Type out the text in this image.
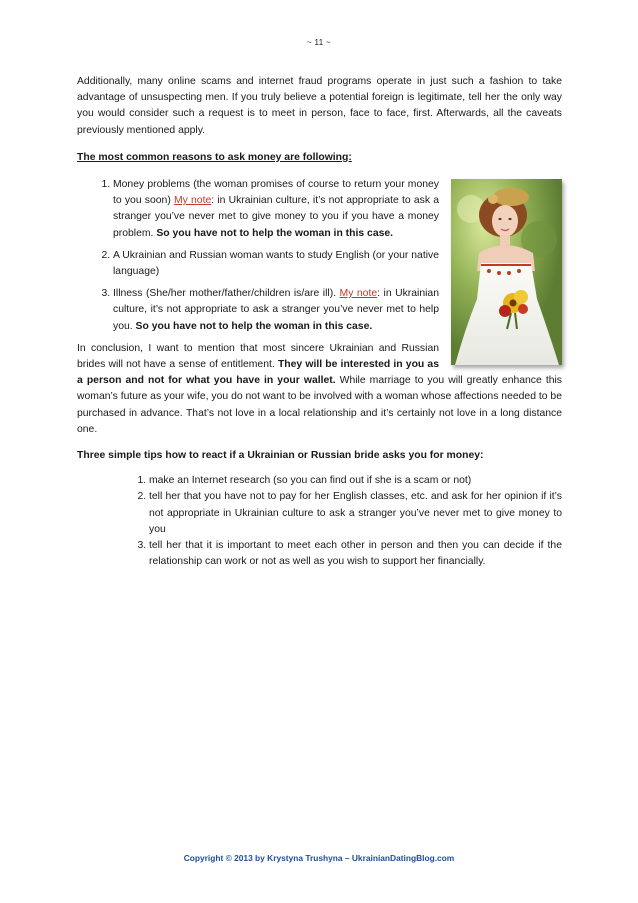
~ 11 ~

Additionally, many online scams and internet fraud programs operate in just such a fashion to take advantage of unsuspecting men. If you truly believe a potential foreign is legitimate, tell her the only way you would consider such a request is to meet in person, face to face, first. Afterwards, all the caveats previously mentioned apply.

The most common reasons to ask money are following:

1. Money problems (the woman promises of course to return your money to you soon) My note: in Ukrainian culture, it’s not appropriate to ask a stranger you’ve never met to give money to you if you have a money problem. So you have not to help the woman in this case.
2. A Ukrainian and Russian woman wants to study English (or your native language)
3. Illness (She/her mother/father/children is/are ill). My note: in Ukrainian culture, it’s not appropriate to ask a stranger you’ve never met to help you. So you have not to help the woman in this case.

In conclusion, I want to mention that most sincere Ukrainian and Russian brides will not have a sense of entitlement. They will be interested in you as a person and not for what you have in your wallet. While marriage to you will greatly enhance this woman’s future as your wife, you do not want to be involved with a woman whose affections needed to be purchased in advance. That’s not love in a local relationship and it’s certainly not love in a long distance one.

Three simple tips how to react if a Ukrainian or Russian bride asks you for money:

1. make an Internet research (so you can find out if she is a scam or not)
2. tell her that you have not to pay for her English classes, etc. and ask for her opinion if it’s not appropriate in Ukrainian culture to ask a stranger you’ve never met to give money to you
3. tell her that it is important to meet each other in person and then you can decide if the relationship can work or not as well as you wish to support her financially.
Copyright © 2013 by Krystyna Trushyna – UkrainianDatingBlog.com
